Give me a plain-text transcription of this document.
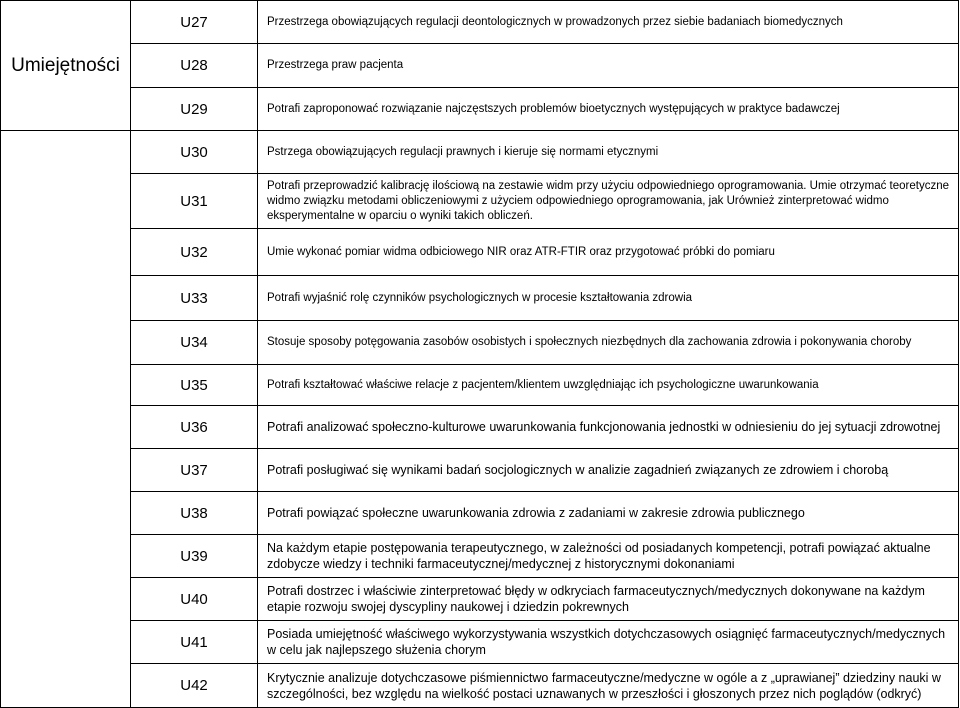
Umiejętności	U27	Przestrzega obowiązujących regulacji deontologicznych w prowadzonych przez siebie badaniach biomedycznych
	U28	Przestrzega praw pacjenta
	U29	Potrafi zaproponować rozwiązanie najczęstszych problemów bioetycznych występujących w praktyce badawczej
	U30	Pstrzega obowiązujących regulacji prawnych i kieruje się normami etycznymi
	U31	Potrafi przeprowadzić kalibrację ilościową na zestawie widm przy użyciu odpowiedniego oprogramowania. Umie otrzymać teoretyczne widmo związku metodami obliczeniowymi z użyciem odpowiedniego oprogramowania, jak Urównież zinterpretować widmo eksperymentalne w oparciu o wyniki takich obliczeń.
	U32	Umie wykonać pomiar widma odbiciowego NIR oraz ATR-FTIR oraz przygotować próbki do pomiaru
	U33	Potrafi wyjaśnić rolę czynników psychologicznych w procesie kształtowania zdrowia
	U34	Stosuje sposoby potęgowania zasobów osobistych i społecznych niezbędnych dla zachowania zdrowia i pokonywania choroby
	U35	Potrafi kształtować właściwe relacje z pacjentem/klientem uwzględniając ich psychologiczne uwarunkowania
	U36	Potrafi analizować społeczno-kulturowe uwarunkowania funkcjonowania jednostki w odniesieniu do jej sytuacji zdrowotnej
	U37	Potrafi posługiwać się wynikami badań socjologicznych w analizie zagadnień związanych ze zdrowiem i chorobą
	U38	Potrafi powiązać społeczne uwarunkowania zdrowia z zadaniami w zakresie zdrowia publicznego
	U39	Na każdym etapie postępowania terapeutycznego, w zależności od posiadanych kompetencji, potrafi powiązać aktualne zdobycze wiedzy i techniki farmaceutycznej/medycznej z historycznymi dokonaniami
	U40	Potrafi dostrzec i właściwie zinterpretować błędy w odkryciach farmaceutycznych/medycznych dokonywane na każdym etapie rozwoju swojej dyscypliny naukowej i dziedzin pokrewnych
	U41	Posiada umiejętność właściwego wykorzystywania wszystkich dotychczasowych osiągnięć farmaceutycznych/medycznych w celu jak najlepszego służenia chorym
	U42	Krytycznie analizuje dotychczasowe piśmiennictwo farmaceutyczne/medyczne w ogóle a z „uprawianej” dziedziny nauki w szczególności, bez względu na wielkość postaci uznawanych w przeszłości i głoszonych przez nich poglądów (odkryć)
